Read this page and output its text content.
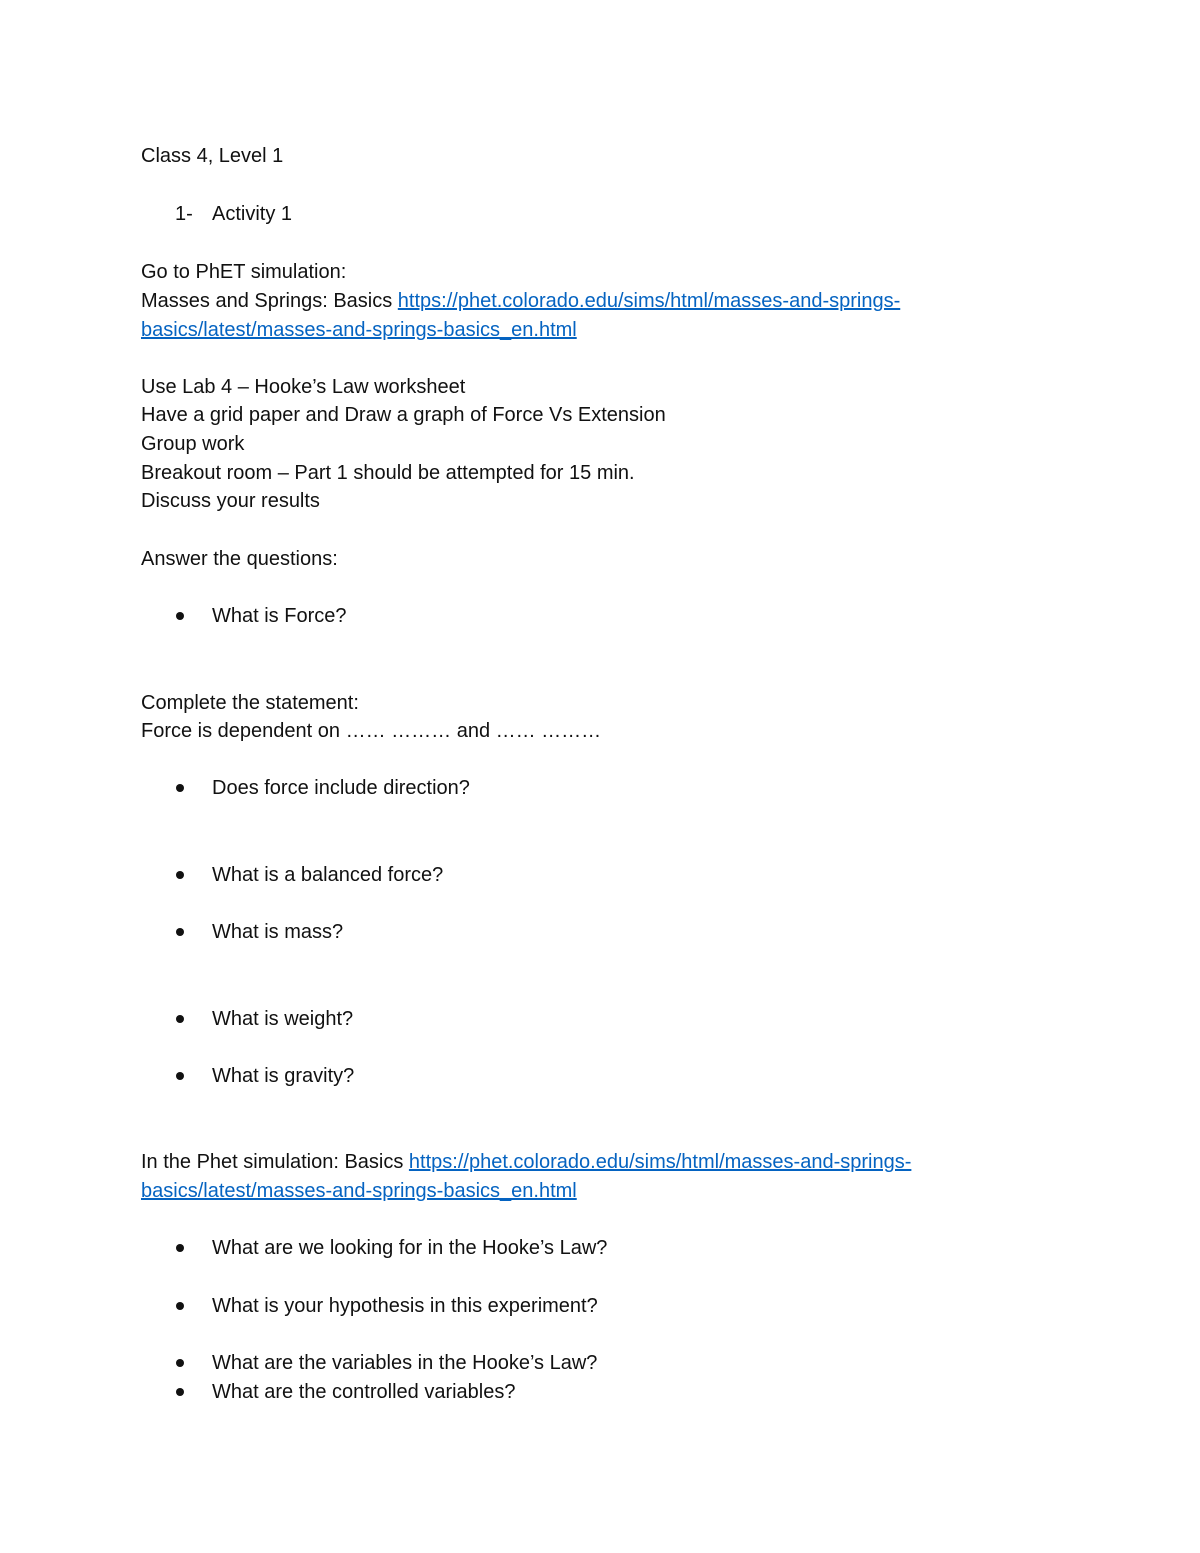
Class 4, Level 1
1- Activity 1
Go to PhET simulation:
Masses and Springs: Basics https://phet.colorado.edu/sims/html/masses-and-springs-
basics/latest/masses-and-springs-basics_en.html
Use Lab 4 – Hooke’s Law worksheet
Have a grid paper and Draw a graph of Force Vs Extension
Group work
Breakout room – Part 1 should be attempted for 15 min.
Discuss your results
Answer the questions:
What is Force?
Complete the statement:
Force is dependent on …… ……… and …… ………
Does force include direction?
What is a balanced force?
What is mass?
What is weight?
What is gravity?
In the Phet simulation: Basics https://phet.colorado.edu/sims/html/masses-and-springs-
basics/latest/masses-and-springs-basics_en.html
What are we looking for in the Hooke’s Law?
What is your hypothesis in this experiment?
What are the variables in the Hooke’s Law?
What are the controlled variables?
